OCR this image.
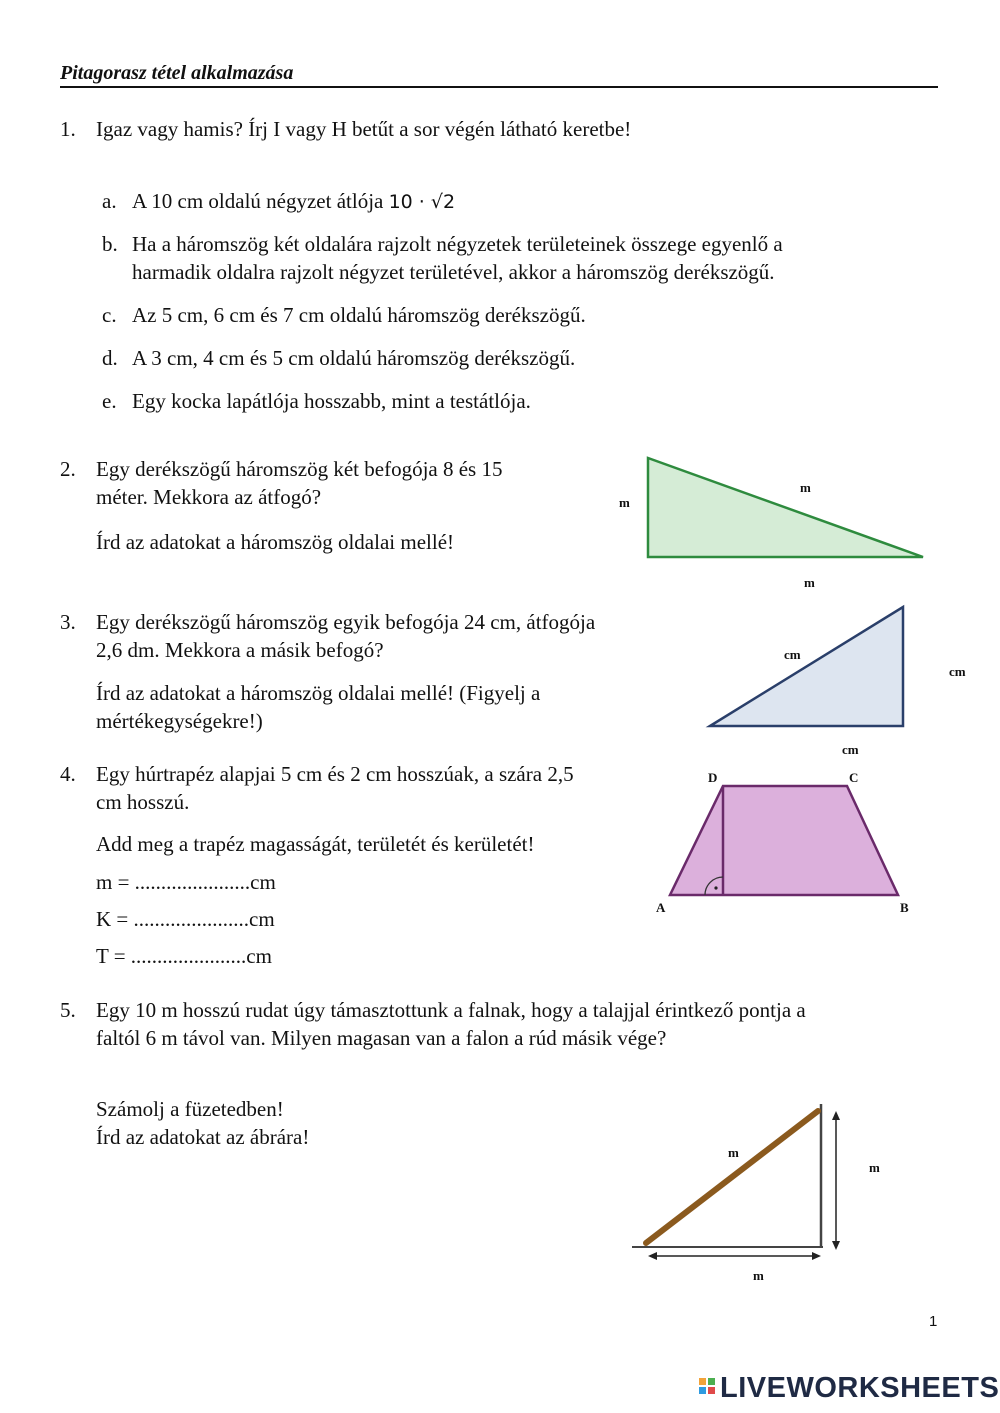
Pitagorasz tétel alkalmazása
1. Igaz vagy hamis? Írj I vagy H betűt a sor végén látható keretbe!
a. A 10 cm oldalú négyzet átlója 10 · √2
b. Ha a háromszög két oldalára rajzolt négyzetek területeinek összege egyenlő a
harmadik oldalra rajzolt négyzet területével, akkor a háromszög derékszögű.
c. Az 5 cm, 6 cm és 7 cm oldalú háromszög derékszögű.
d. A 3 cm, 4 cm és 5 cm oldalú háromszög derékszögű.
e. Egy kocka lapátlója hosszabb, mint a testátlója.
2. Egy derékszögű háromszög két befogója 8 és 15
méter. Mekkora az átfogó?
Írd az adatokat a háromszög oldalai mellé!
m
m
m
3. Egy derékszögű háromszög egyik befogója 24 cm, átfogója
2,6 dm. Mekkora a másik befogó?
Írd az adatokat a háromszög oldalai mellé! (Figyelj a
mértékegységekre!)
cm
cm
cm
4. Egy húrtrapéz alapjai 5 cm és 2 cm hosszúak, a szára 2,5
cm hosszú.
Add meg a trapéz magasságát, területét és kerületét!
m = ......................cm
K = ......................cm
T = ......................cm
D	C
A	B
5. Egy 10 m hosszú rudat úgy támasztottunk a falnak, hogy a talajjal érintkező pontja a
faltól 6 m távol van. Milyen magasan van a falon a rúd másik vége?
Számolj a füzetedben!
Írd az adatokat az ábrára!
m
m
m
1
LIVEWORKSHEETS
